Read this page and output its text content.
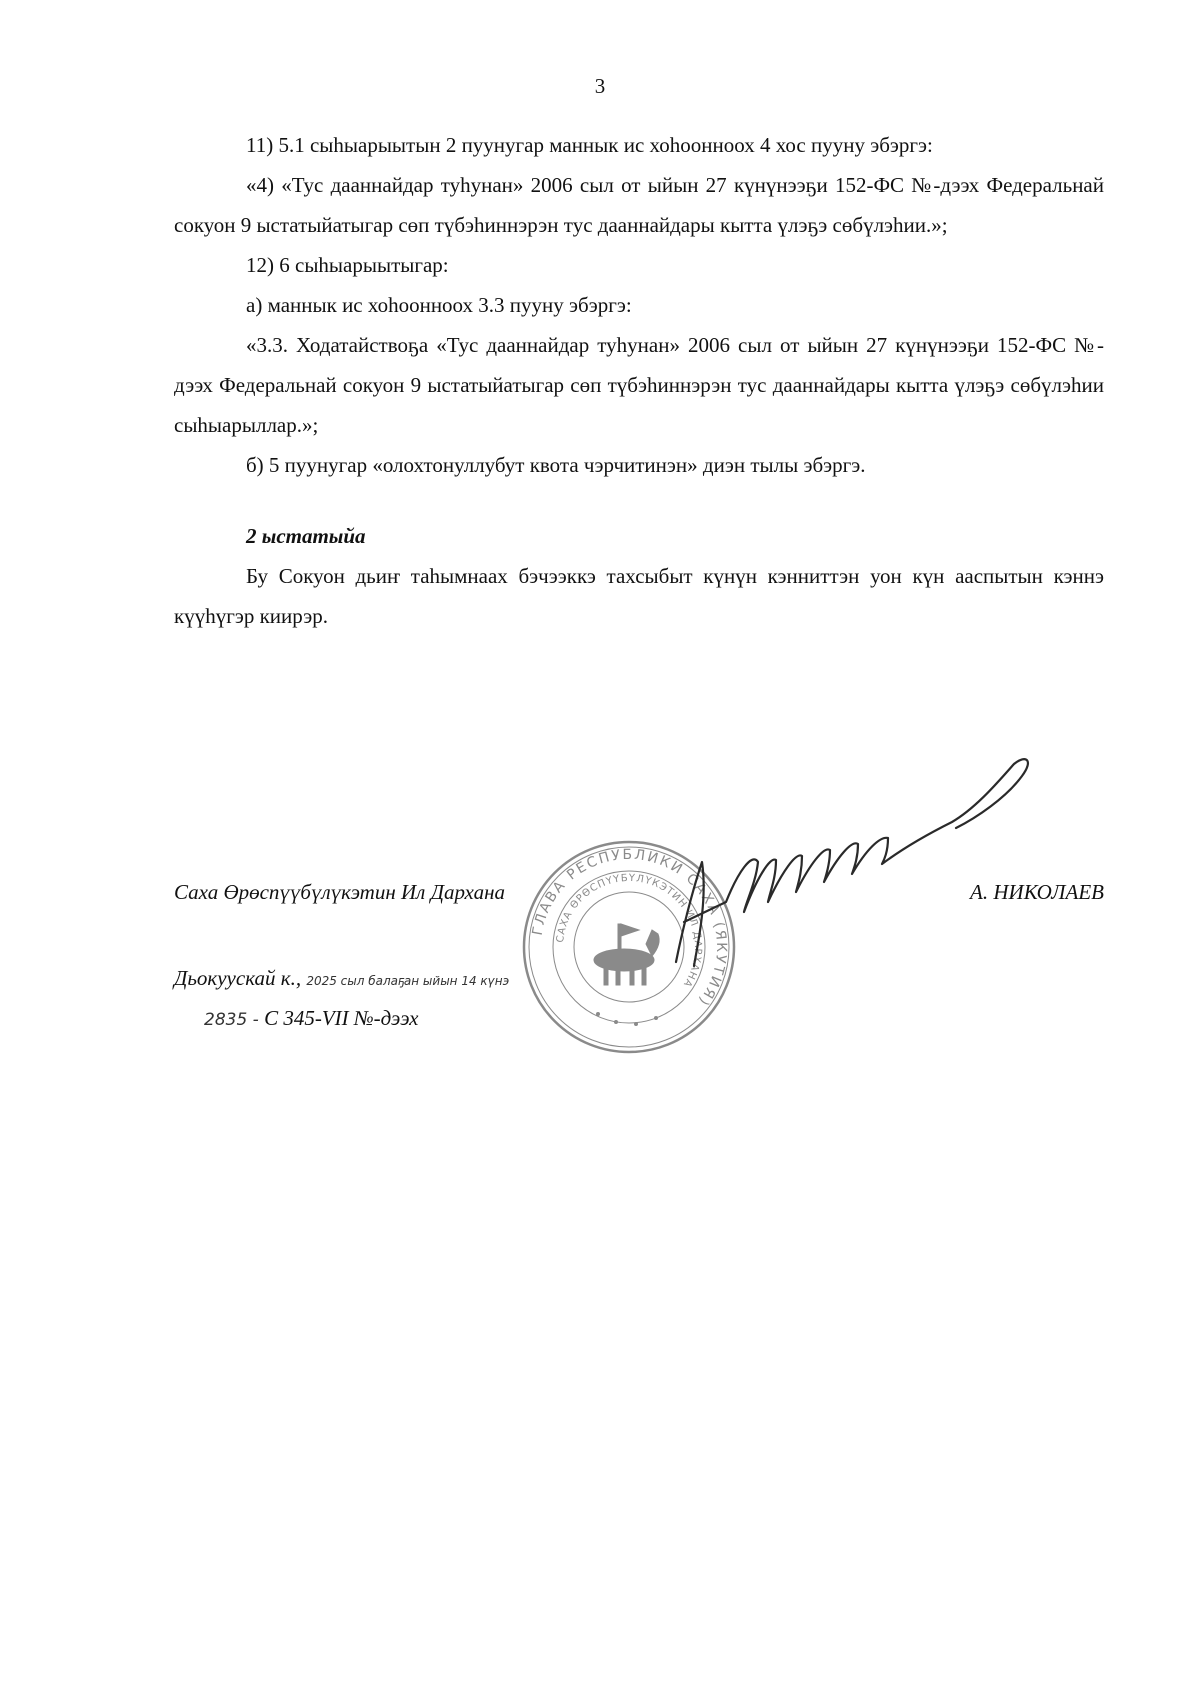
3

11) 5.1 сыһыарыытын 2 пуунугар маннык ис хоһоонноох 4 хос пууну эбэргэ:

«4) «Тус дааннайдар туһунан» 2006 сыл от ыйын 27 күнүнээҕи 152-ФС №-дээх Федеральнай сокуон 9 ыстатыйатыгар сөп түбэһиннэрэн тус дааннайдары кытта үлэҕэ сөбүлэһии.»;

12) 6 сыһыарыытыгар:

а) маннык ис хоһоонноох 3.3 пууну эбэргэ:

«3.3. Ходатайствоҕа «Тус дааннайдар туһунан» 2006 сыл от ыйын 27 күнүнээҕи 152-ФС №-дээх Федеральнай сокуон 9 ыстатыйатыгар сөп түбэһиннэрэн тус дааннайдары кытта үлэҕэ сөбүлэһии сыһыарыллар.»;

б) 5 пуунугар «олохтонуллубут квота чэрчитинэн» диэн тылы эбэргэ.

2 ыстатыйа

Бу Сокуон дьиҥ таһымнаах бэчээккэ тахсыбыт күнүн кэнниттэн уон күн ааспытын кэннэ күүһүгэр киирэр.

ГЛАВА РЕСПУБЛИКИ САХА (ЯКУТИЯ)
САХА ӨРӨСПҮҮБҮЛҮКЭТИН ИЛ ДАРХАНА
Саха Өрөспүүбүлүкэтин Ил Дарханa	А. НИКОЛАЕВ
Дьокуускай к., 2025 сыл балаҕан ыйын 14 күнэ
2835 - С 345-VII №-дээх
